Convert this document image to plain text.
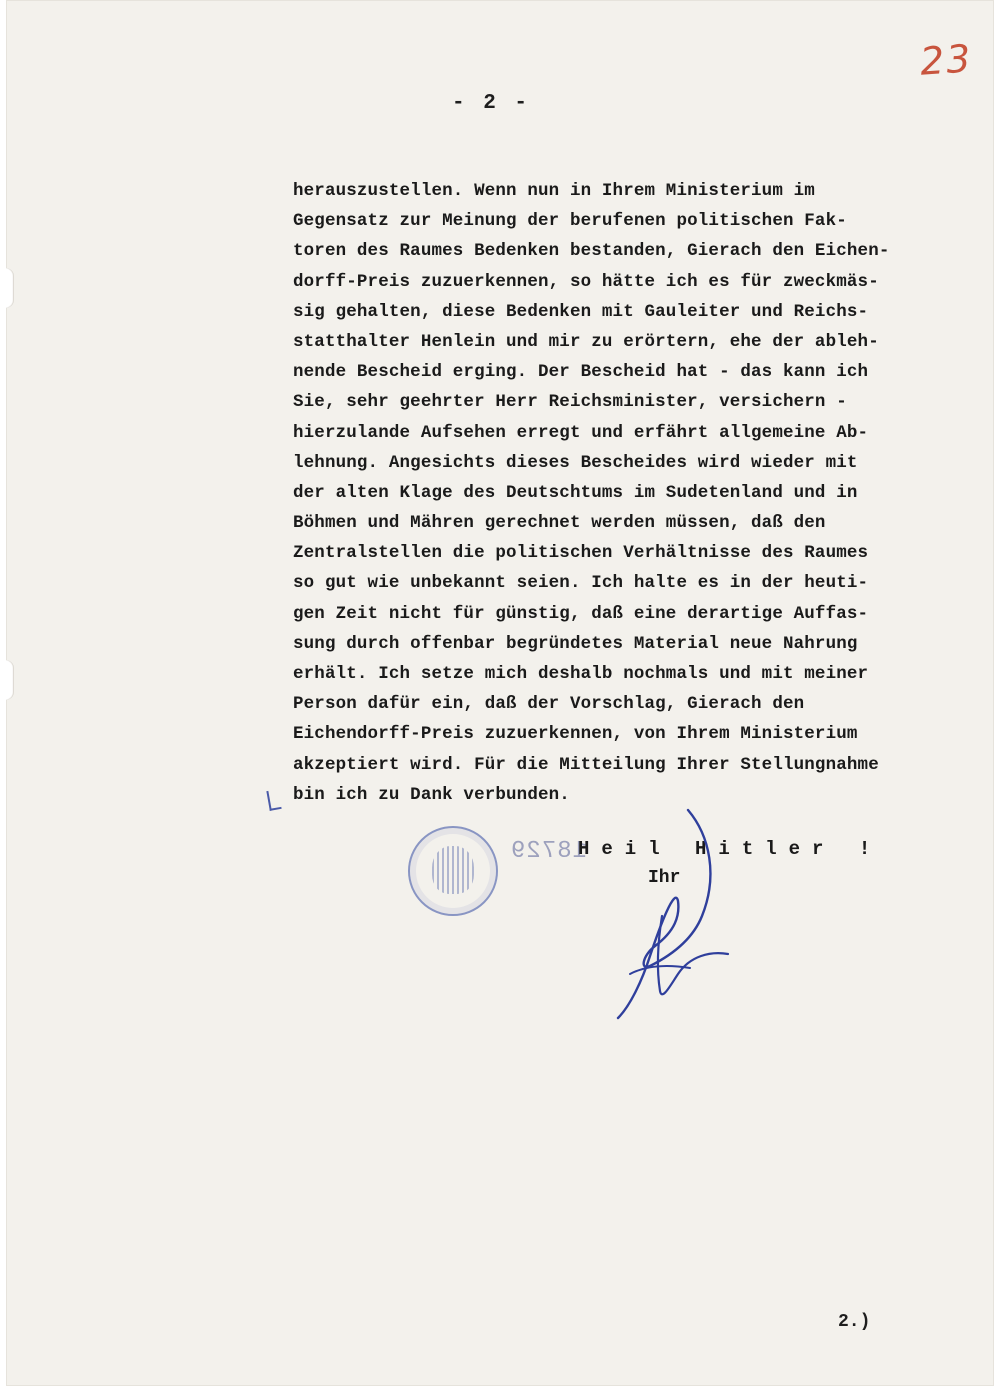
23
- 2 -
herauszustellen. Wenn nun in Ihrem Ministerium im
Gegensatz zur Meinung der berufenen politischen Fak-
toren des Raumes Bedenken bestanden, Gierach den Eichen-
dorff-Preis zuzuerkennen, so hätte ich es für zweckmäs-
sig gehalten, diese Bedenken mit Gauleiter und Reichs-
statthalter Henlein und mir zu erörtern, ehe der ableh-
nende Bescheid erging. Der Bescheid hat - das kann ich
Sie, sehr geehrter Herr Reichsminister, versichern -
hierzulande Aufsehen erregt und erfährt allgemeine Ab-
lehnung. Angesichts dieses Bescheides wird wieder mit
der alten Klage des Deutschtums im Sudetenland und in
Böhmen und Mähren gerechnet werden müssen, daß den
Zentralstellen die politischen Verhältnisse des Raumes
so gut wie unbekannt seien. Ich halte es in der heuti-
gen Zeit nicht für günstig, daß eine derartige Auffas-
sung durch offenbar begründetes Material neue Nahrung
erhält. Ich setze mich deshalb nochmals und mit meiner
Person dafür ein, daß der Vorschlag, Gierach den
Eichendorff-Preis zuzuerkennen, von Ihrem Ministerium
akzeptiert wird. Für die Mitteilung Ihrer Stellungnahme
bin ich zu Dank verbunden.
18729
Heil Hitler !
Ihr
2.)
